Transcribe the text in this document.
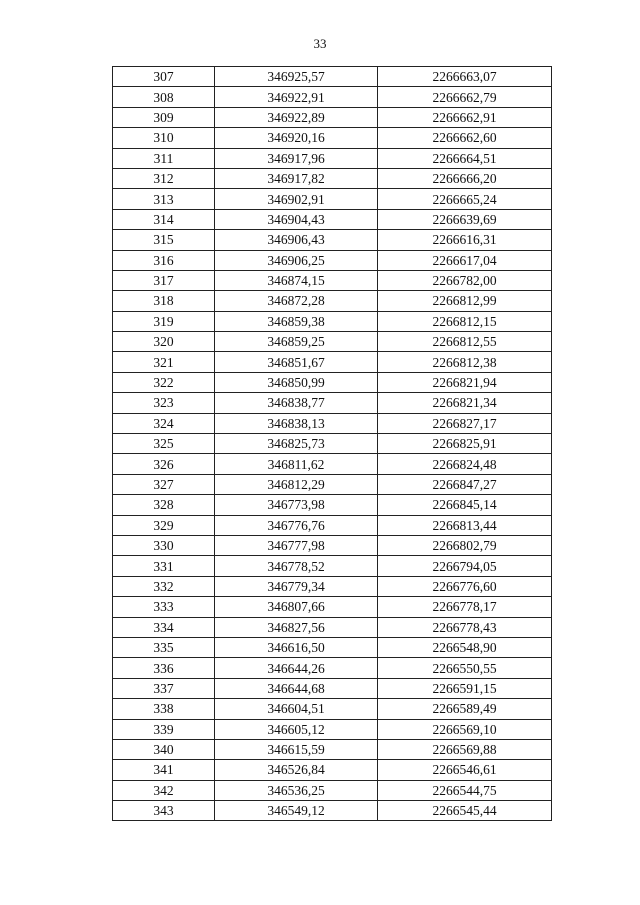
33
307	346925,57	2266663,07
308	346922,91	2266662,79
309	346922,89	2266662,91
310	346920,16	2266662,60
311	346917,96	2266664,51
312	346917,82	2266666,20
313	346902,91	2266665,24
314	346904,43	2266639,69
315	346906,43	2266616,31
316	346906,25	2266617,04
317	346874,15	2266782,00
318	346872,28	2266812,99
319	346859,38	2266812,15
320	346859,25	2266812,55
321	346851,67	2266812,38
322	346850,99	2266821,94
323	346838,77	2266821,34
324	346838,13	2266827,17
325	346825,73	2266825,91
326	346811,62	2266824,48
327	346812,29	2266847,27
328	346773,98	2266845,14
329	346776,76	2266813,44
330	346777,98	2266802,79
331	346778,52	2266794,05
332	346779,34	2266776,60
333	346807,66	2266778,17
334	346827,56	2266778,43
335	346616,50	2266548,90
336	346644,26	2266550,55
337	346644,68	2266591,15
338	346604,51	2266589,49
339	346605,12	2266569,10
340	346615,59	2266569,88
341	346526,84	2266546,61
342	346536,25	2266544,75
343	346549,12	2266545,44
